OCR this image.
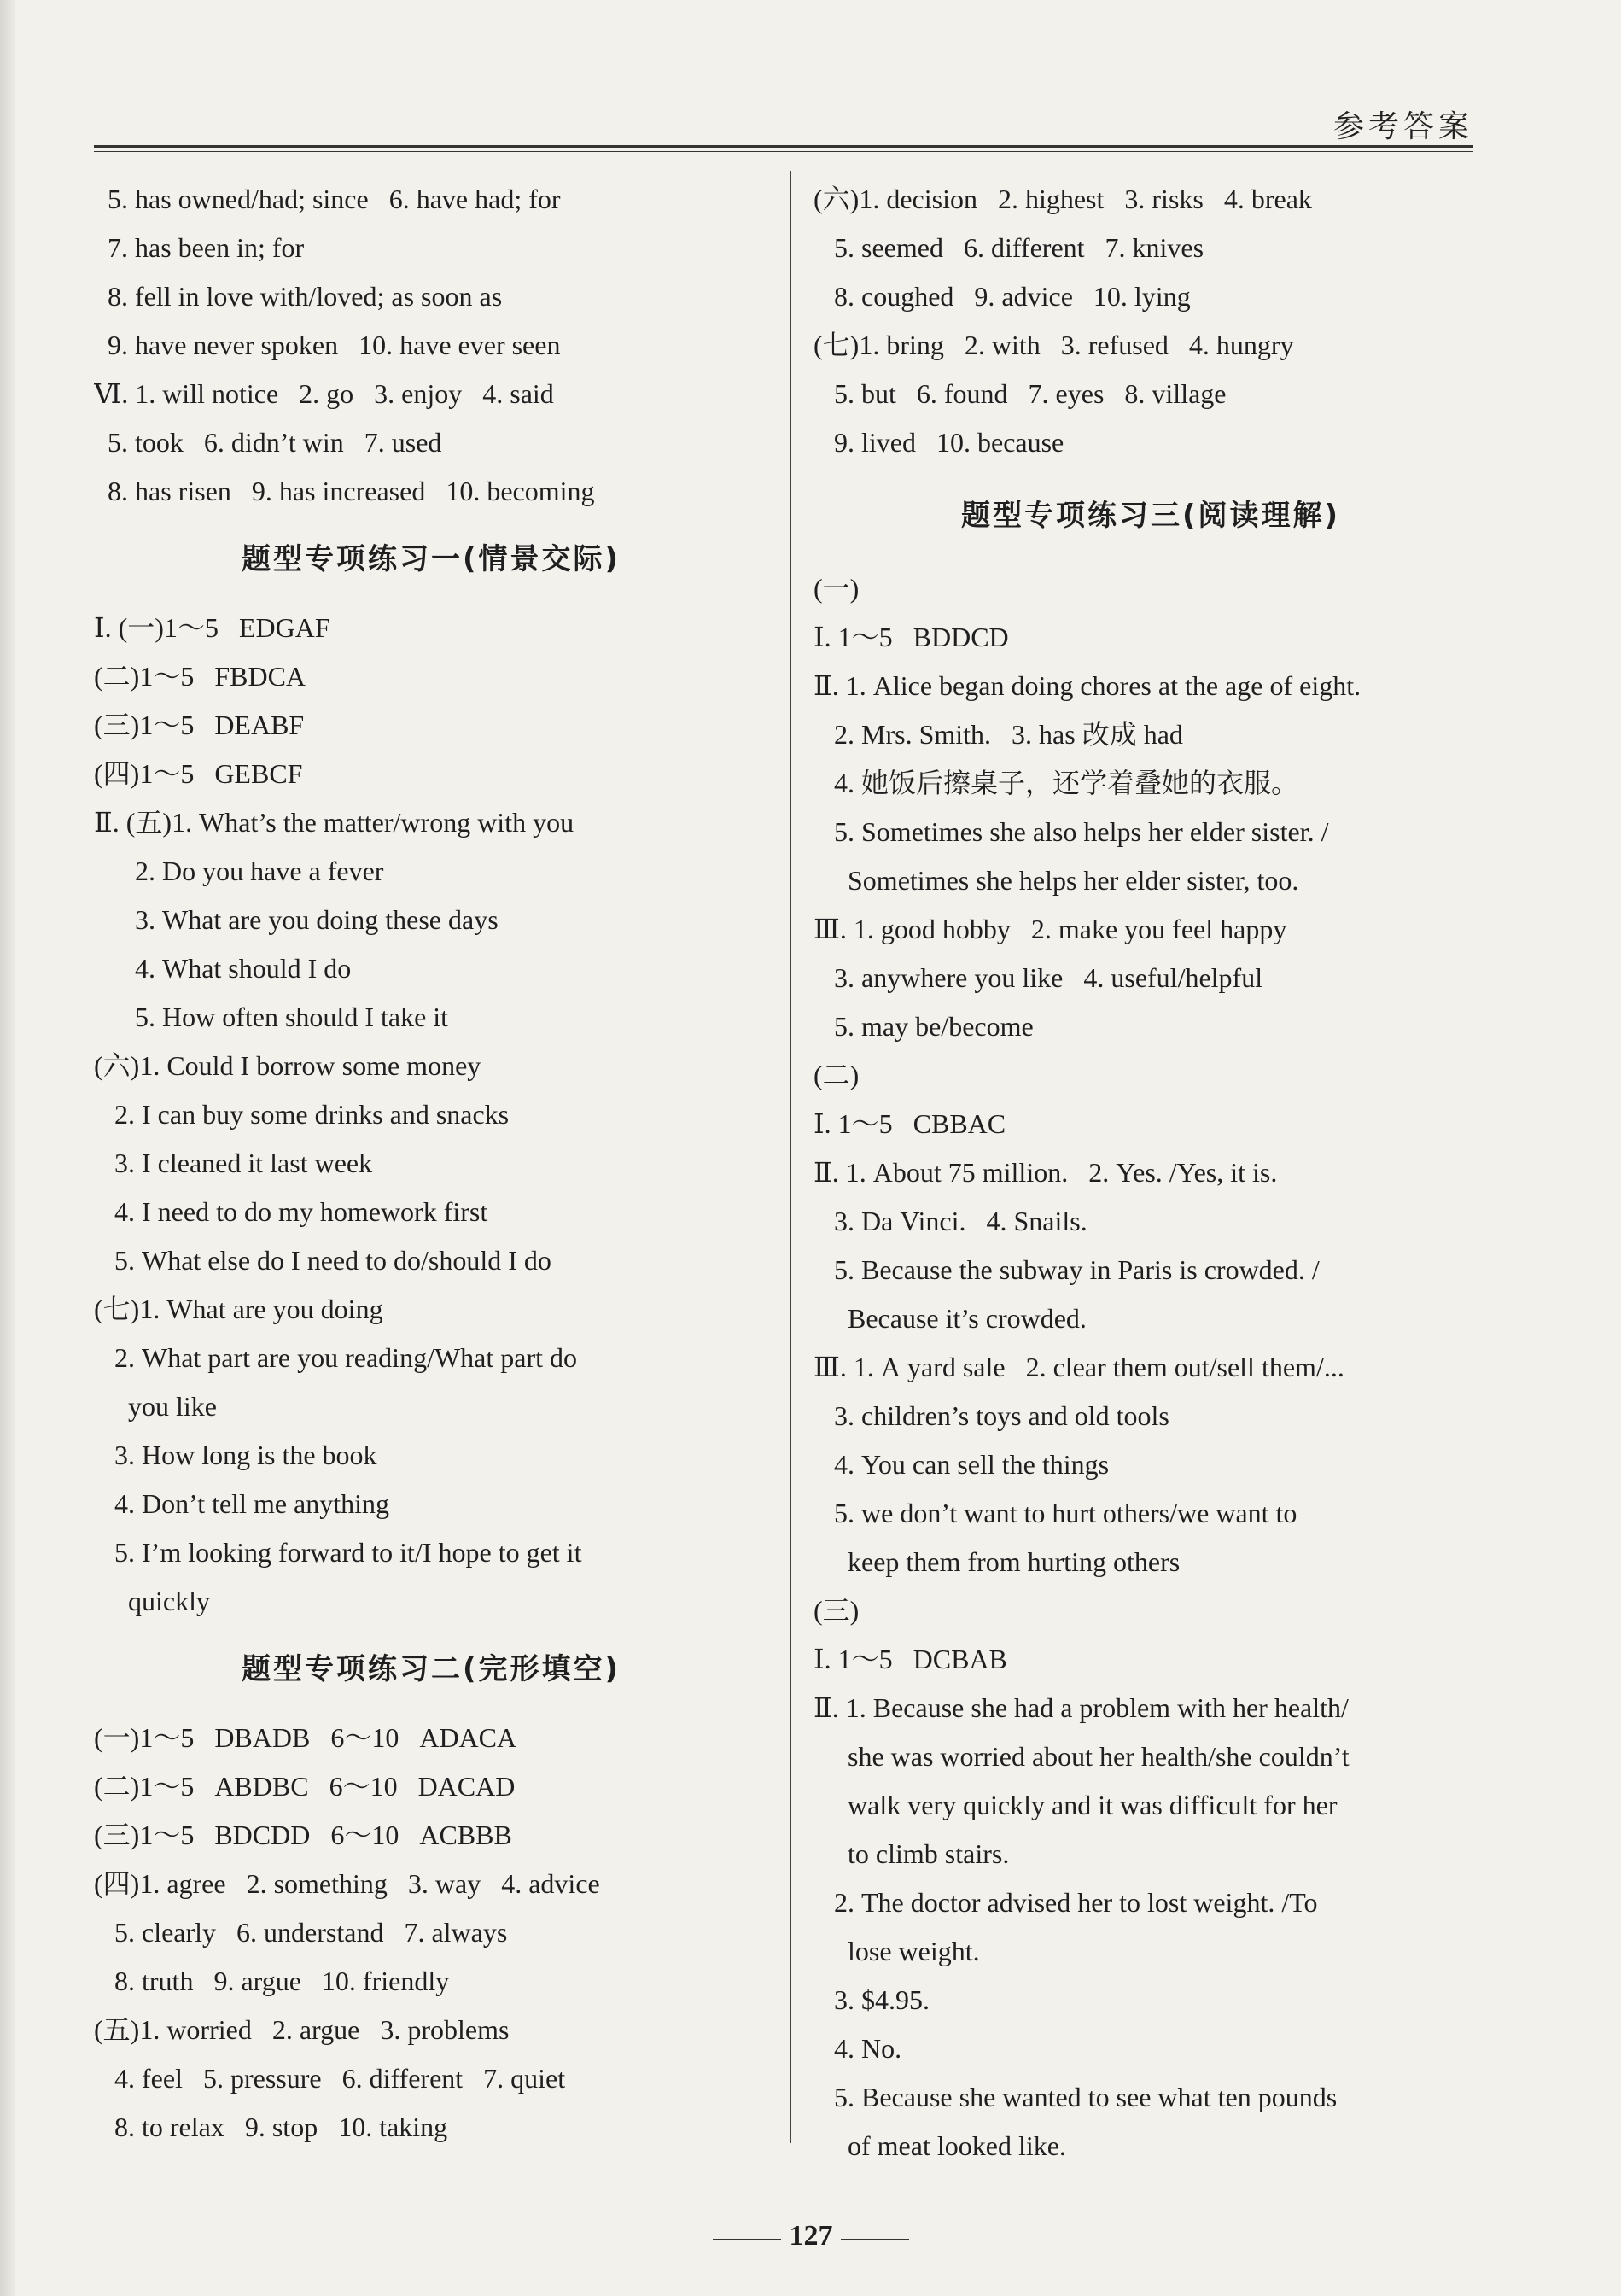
参考答案
5. has owned/had; since   6. have had; for
7. has been in; for
8. fell in love with/loved; as soon as
9. have never spoken   10. have ever seen
Ⅵ. 1. will notice   2. go   3. enjoy   4. said
5. took   6. didn’t win   7. used
8. has risen   9. has increased   10. becoming
题型专项练习一(情景交际)
Ⅰ. (一)1～5   EDGAF
(二)1～5   FBDCA
(三)1～5   DEABF
(四)1～5   GEBCF
Ⅱ. (五)1. What’s the matter/wrong with you
2. Do you have a fever
3. What are you doing these days
4. What should I do
5. How often should I take it
(六)1. Could I borrow some money
2. I can buy some drinks and snacks
3. I cleaned it last week
4. I need to do my homework first
5. What else do I need to do/should I do
(七)1. What are you doing
2. What part are you reading/What part do
you like
3. How long is the book
4. Don’t tell me anything
5. I’m looking forward to it/I hope to get it
quickly
题型专项练习二(完形填空)
(一)1～5   DBADB   6～10   ADACA
(二)1～5   ABDBC   6～10   DACAD
(三)1～5   BDCDD   6～10   ACBBB
(四)1. agree   2. something   3. way   4. advice
5. clearly   6. understand   7. always
8. truth   9. argue   10. friendly
(五)1. worried   2. argue   3. problems
4. feel   5. pressure   6. different   7. quiet
8. to relax   9. stop   10. taking
(六)1. decision   2. highest   3. risks   4. break
5. seemed   6. different   7. knives
8. coughed   9. advice   10. lying
(七)1. bring   2. with   3. refused   4. hungry
5. but   6. found   7. eyes   8. village
9. lived   10. because
题型专项练习三(阅读理解)
(一)
Ⅰ. 1～5   BDDCD
Ⅱ. 1. Alice began doing chores at the age of eight.
2. Mrs. Smith.   3. has 改成 had
4. 她饭后擦桌子，还学着叠她的衣服。
5. Sometimes she also helps her elder sister. /
Sometimes she helps her elder sister, too.
Ⅲ. 1. good hobby   2. make you feel happy
3. anywhere you like   4. useful/helpful
5. may be/become
(二)
Ⅰ. 1～5   CBBAC
Ⅱ. 1. About 75 million.   2. Yes. /Yes, it is.
3. Da Vinci.   4. Snails.
5. Because the subway in Paris is crowded. /
Because it’s crowded.
Ⅲ. 1. A yard sale   2. clear them out/sell them/...
3. children’s toys and old tools
4. You can sell the things
5. we don’t want to hurt others/we want to
keep them from hurting others
(三)
Ⅰ. 1～5   DCBAB
Ⅱ. 1. Because she had a problem with her health/
she was worried about her health/she couldn’t
walk very quickly and it was difficult for her
to climb stairs.
2. The doctor advised her to lost weight. /To
lose weight.
3. $4.95.
4. No.
5. Because she wanted to see what ten pounds
of meat looked like.
127
